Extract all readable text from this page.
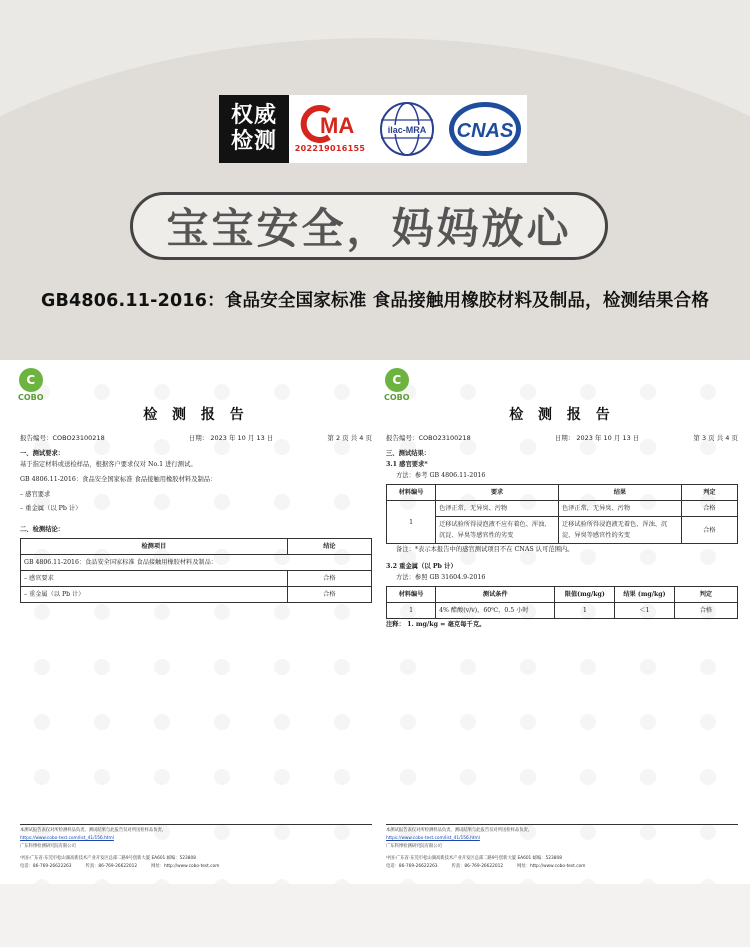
权威
检测
MA
202219016155
ilac-MRA CNAS
宝宝安全，妈妈放心
GB4806.11-2016：食品安全国家标准 食品接触用橡胶材料及制品，检测结果合格
C
COBO
检 测 报 告
报告编号：COBO23100218	日期： 2023 年 10 月 13 日	第 2 页 共 4 页
一、测试要求：
基于指定材料或送检样品，根据客户要求仅对 No.1 进行测试。
GB 4806.11-2016：食品安全国家标准 食品接触用橡胶材料及制品：
– 感官要求
– 重金属（以 Pb 计）
二、检测结论：
检测项目	结论
GB 4806.11-2016：食品安全国家标准 食品接触用橡胶材料及制品：	
– 感官要求	合格
– 重金属（以 Pb 计）	合格
本测试报告表仅对所检测样品负责。测试结果与此报告仅对所送检样品负责。
https://www.cobo-test.com/list_41/156.html
广东科博检测研究院有限公司
中国·广东省·东莞市松山湖高新技术产业开发区总部二路9号创新大厦 EA601 邮编：523808
电话：86-769-26622263	传真：86-769-26622012	网址：http://www.cobo-test.com
C
COBO
检 测 报 告
报告编号：COBO23100218	日期： 2023 年 10 月 13 日	第 3 页 共 4 页
三、测试结果：
3.1 感官要求*
方法：参考 GB 4806.11-2016
材料编号	要求	结果	判定
1	色泽正常，无异臭、污物	色泽正常，无异臭、污物	合格
	迁移试验所得浸泡液不应有着色、浑浊、沉淀、异臭等感官性的劣变	迁移试验所得浸泡液无着色、浑浊、沉淀、异臭等感官性的劣变	合格
备注：*表示本报告中的感官测试项目不在 CNAS 认可范围内。
3.2 重金属（以 Pb 计）
方法：参照 GB 31604.9-2016
材料编号	测试条件	限值(mg/kg)	结果 (mg/kg)	判定
1	4% 醋酸(v/v)，60℃，0.5 小时	1	＜1	合格
注释： 1. mg/kg = 毫克每千克。
本测试报告表仅对所检测样品负责。测试结果与此报告仅对所送检样品负责。
https://www.cobo-test.com/list_41/156.html
广东科博检测研究院有限公司
中国·广东省·东莞市松山湖高新技术产业开发区总部二路9号创新大厦 EA601 邮编：523808
电话：86-769-26622263	传真：86-769-26622012	网址：http://www.cobo-test.com
